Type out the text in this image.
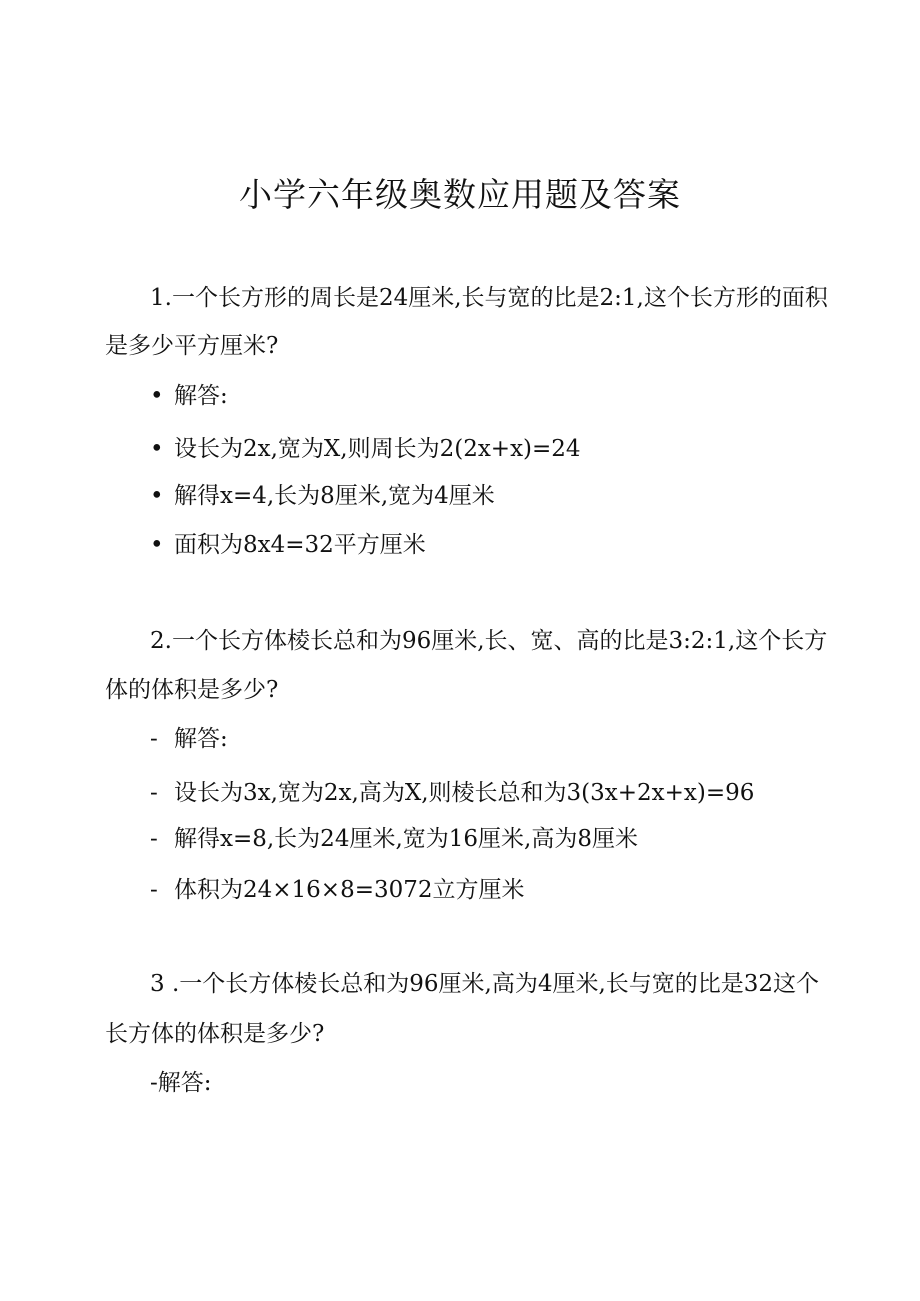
小学六年级奥数应用题及答案

1.一个长方形的周长是24厘米,长与宽的比是2:1,这个长方形的面积

是多少平方厘米?

• 解答:

• 设长为2x,宽为X,则周长为2(2x+x)=24

• 解得x=4,长为8厘米,宽为4厘米

• 面积为8x4=32平方厘米

2.一个长方体棱长总和为96厘米,长、宽、高的比是3:2:1,这个长方

体的体积是多少?

- 解答:

- 设长为3x,宽为2x,高为X,则棱长总和为3(3x+2x+x)=96

- 解得x=8,长为24厘米,宽为16厘米,高为8厘米

- 体积为24×16×8=3072立方厘米

3 .一个长方体棱长总和为96厘米,高为4厘米,长与宽的比是32这个

长方体的体积是多少?

-解答:
